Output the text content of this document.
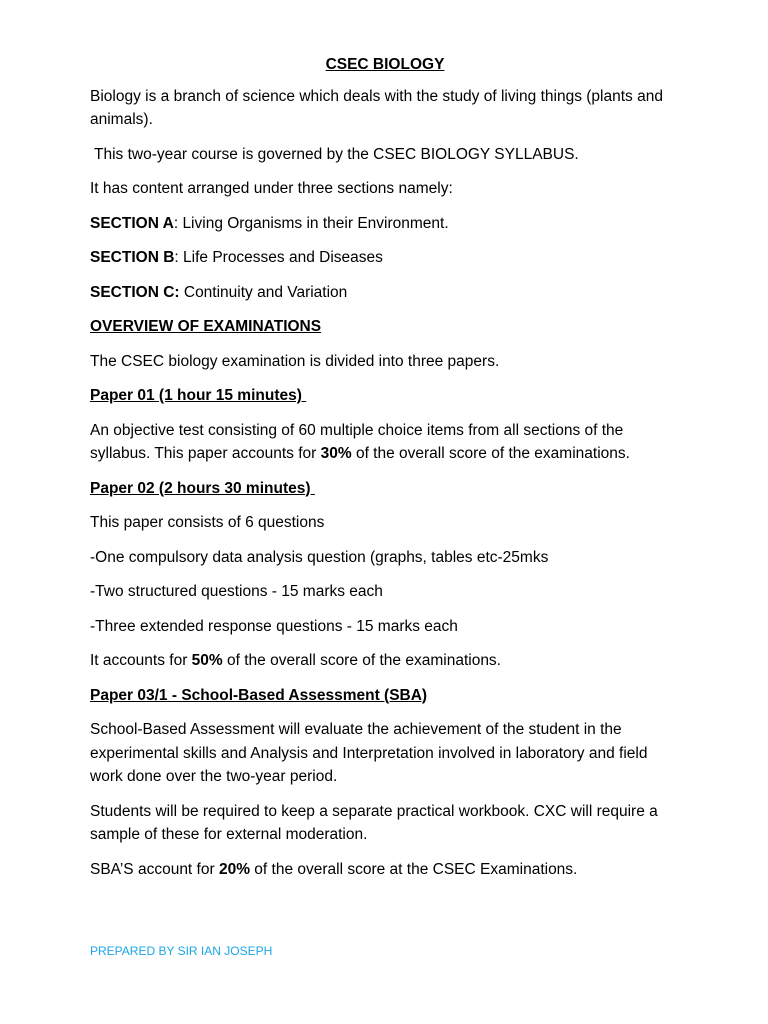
CSEC BIOLOGY

Biology is a branch of science which deals with the study of living things (plants and animals).

This two-year course is governed by the CSEC BIOLOGY SYLLABUS.

It has content arranged under three sections namely:

SECTION A: Living Organisms in their Environment.

SECTION B: Life Processes and Diseases

SECTION C: Continuity and Variation

OVERVIEW OF EXAMINATIONS

The CSEC biology examination is divided into three papers.

Paper 01 (1 hour 15 minutes)

An objective test consisting of 60 multiple choice items from all sections of the syllabus. This paper accounts for 30% of the overall score of the examinations.

Paper 02 (2 hours 30 minutes)

This paper consists of 6 questions

-One compulsory data analysis question (graphs, tables etc-25mks

-Two structured questions - 15 marks each

-Three extended response questions - 15 marks each

It accounts for 50% of the overall score of the examinations.

Paper 03/1 - School-Based Assessment (SBA)

School-Based Assessment will evaluate the achievement of the student in the experimental skills and Analysis and Interpretation involved in laboratory and field work done over the two-year period.

Students will be required to keep a separate practical workbook. CXC will require a sample of these for external moderation.

SBA’S account for 20% of the overall score at the CSEC Examinations.

PREPARED BY SIR IAN JOSEPH
